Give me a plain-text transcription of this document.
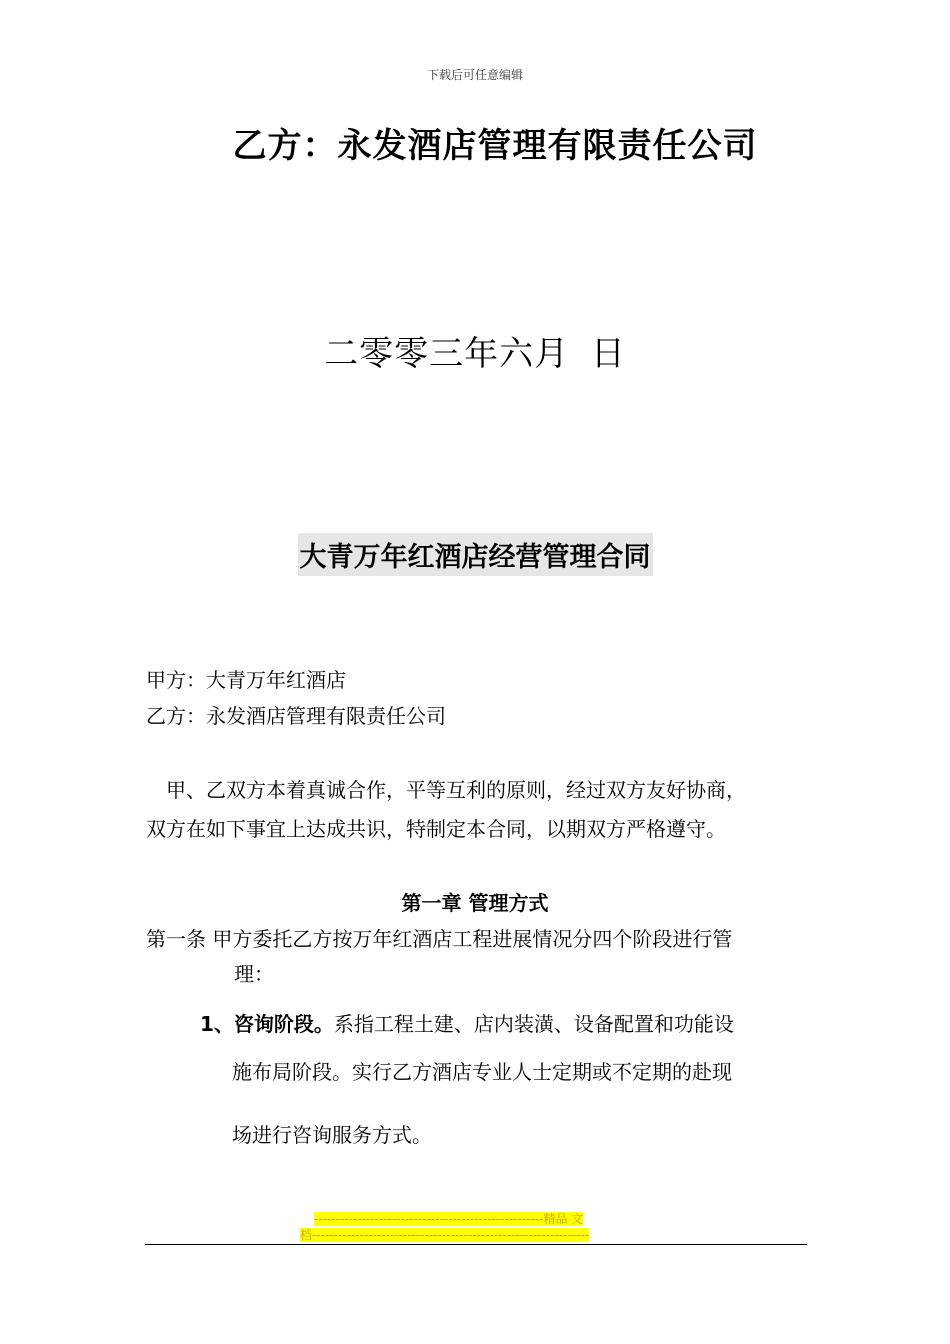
下载后可任意编辑
乙方：永发酒店管理有限责任公司
二零零三年六月 日
大青万年红酒店经营管理合同
甲方：大青万年红酒店
乙方：永发酒店管理有限责任公司
　甲、乙双方本着真诚合作，平等互利的原则，经过双方友好协商，
双方在如下事宜上达成共识，特制定本合同，以期双方严格遵守。
第一章 管理方式
第一条 甲方委托乙方按万年红酒店工程进展情况分四个阶段进行管
理：
1、咨询阶段。系指工程土建、店内装潢、设备配置和功能设
施布局阶段。实行乙方酒店专业人士定期或不定期的赴现
场进行咨询服务方式。
-----------------------------------------------------精品 文
档----------------------------------------------------------------
